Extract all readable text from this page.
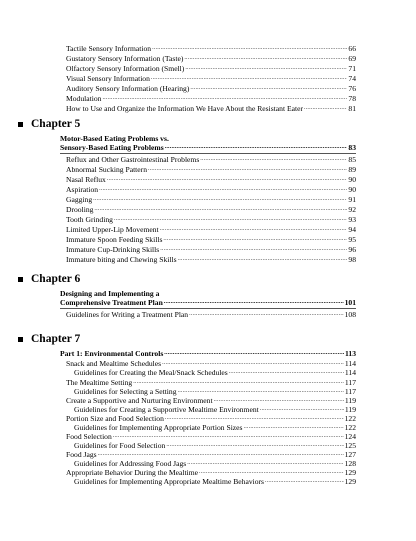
Tactile Sensory Information .....	66
Gustatory Sensory Information (Taste) .....	69
Olfactory Sensory Information (Smell) .....	71
Visual Sensory Information .....	74
Auditory Sensory Information (Hearing) .....	76
Modulation .....	78
How to Use and Organize the Information We Have About the Resistant Eater .....	81
Chapter 5
Motor-Based Eating Problems vs.
Sensory-Based Eating Problems .....	83
Reflux and Other Gastrointestinal Problems .....	85
Abnormal Sucking Pattern .....	89
Nasal Reflux .....	90
Aspiration .....	90
Gagging .....	91
Drooling .....	92
Tooth Grinding .....	93
Limited Upper-Lip Movement .....	94
Immature Spoon Feeding Skills .....	95
Immature Cup-Drinking Skills .....	96
Immature biting and Chewing Skills .....	98
Chapter 6
Designing and Implementing a
Comprehensive Treatment Plan .....	101
Guidelines for Writing a Treatment Plan .....	108
Chapter 7
Part 1: Environmental Controls .....	113
Snack and Mealtime Schedules .....	114
Guidelines for Creating the Meal/Snack Schedules .....	114
The Mealtime Setting .....	117
Guidelines for Selecting a Setting .....	117
Create a Supportive and Nurturing Environment .....	119
Guidelines for Creating a Supportive Mealtime Environment .....	119
Portion Size and Food Selection .....	122
Guidelines for Implementing Appropriate Portion Sizes .....	122
Food Selection .....	124
Guidelines for Food Selection .....	125
Food Jags .....	127
Guidelines for Addressing Food Jags .....	128
Appropriate Behavior During the Mealtime .....	129
Guidelines for Implementing Appropriate Mealtime Behaviors .....	129
